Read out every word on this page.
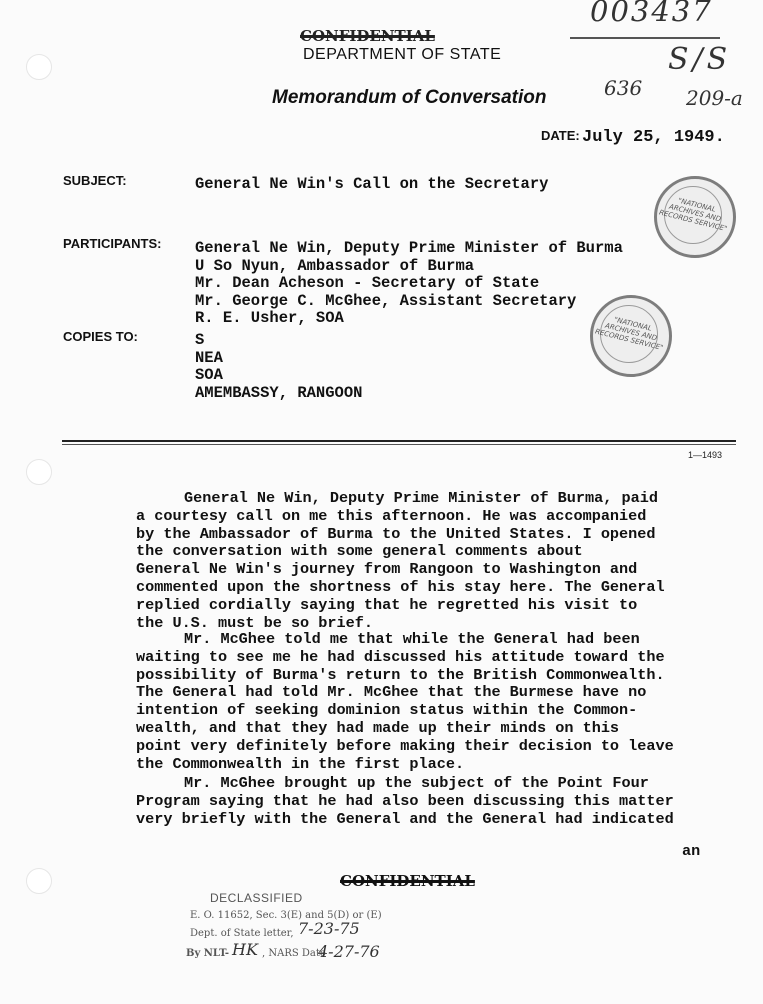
003437
S/S
636 209-a
CONFIDENTIAL
DEPARTMENT OF STATE
Memorandum of Conversation
DATE: July 25, 1949.
SUBJECT:	General Ne Win's Call on the Secretary
PARTICIPANTS: General Ne Win, Deputy Prime Minister of Burma
U So Nyun, Ambassador of Burma
Mr. Dean Acheson - Secretary of State
Mr. George C. McGhee, Assistant Secretary
R. E. Usher, SOA
COPIES TO:	S
NEA
SOA
AMEMBASSY, RANGOON
"NATIONAL ARCHIVES AND RECORDS SERVICE"
"NATIONAL ARCHIVES AND RECORDS SERVICE"
1—1493
General Ne Win, Deputy Prime Minister of Burma, paid
a courtesy call on me this afternoon. He was accompanied
by the Ambassador of Burma to the United States. I opened
the conversation with some general comments about
General Ne Win's journey from Rangoon to Washington and
commented upon the shortness of his stay here. The General
replied cordially saying that he regretted his visit to
the U.S. must be so brief.
Mr. McGhee told me that while the General had been
waiting to see me he had discussed his attitude toward the
possibility of Burma's return to the British Commonwealth.
The General had told Mr. McGhee that the Burmese have no
intention of seeking dominion status within the Common-
wealth, and that they had made up their minds on this
point very definitely before making their decision to leave
the Commonwealth in the first place.
Mr. McGhee brought up the subject of the Point Four
Program saying that he had also been discussing this matter
very briefly with the General and the General had indicated
an
CONFIDENTIAL
DECLASSIFIED
E. O. 11652, Sec. 3(E) and 5(D) or (E)
Dept. of State letter, 7-23-75
By NLT- HK , NARS Date
4-27-76
